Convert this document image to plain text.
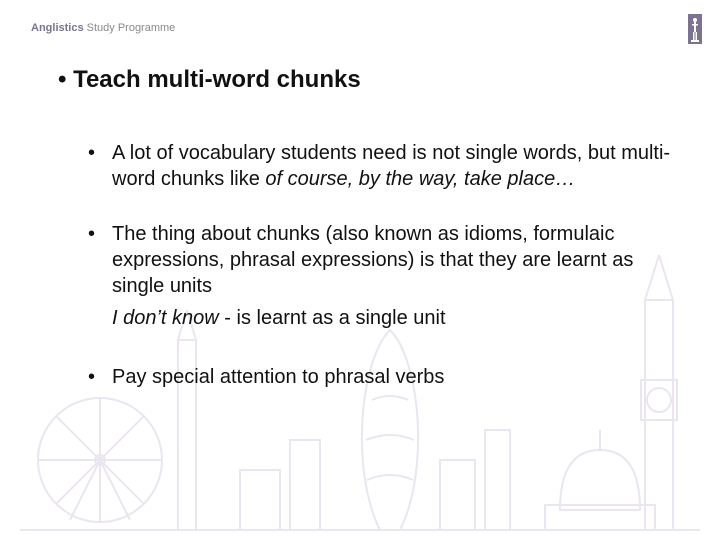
Anglistics Study Programme
• Teach multi-word chunks
• A lot of vocabulary students need is not single words, but multi-word chunks like of course, by the way, take place…
• The thing about chunks (also known as idioms, formulaic expressions, phrasal expressions) is that they are learnt as single units
I don’t know - is learnt as a single unit
• Pay special attention to phrasal verbs
